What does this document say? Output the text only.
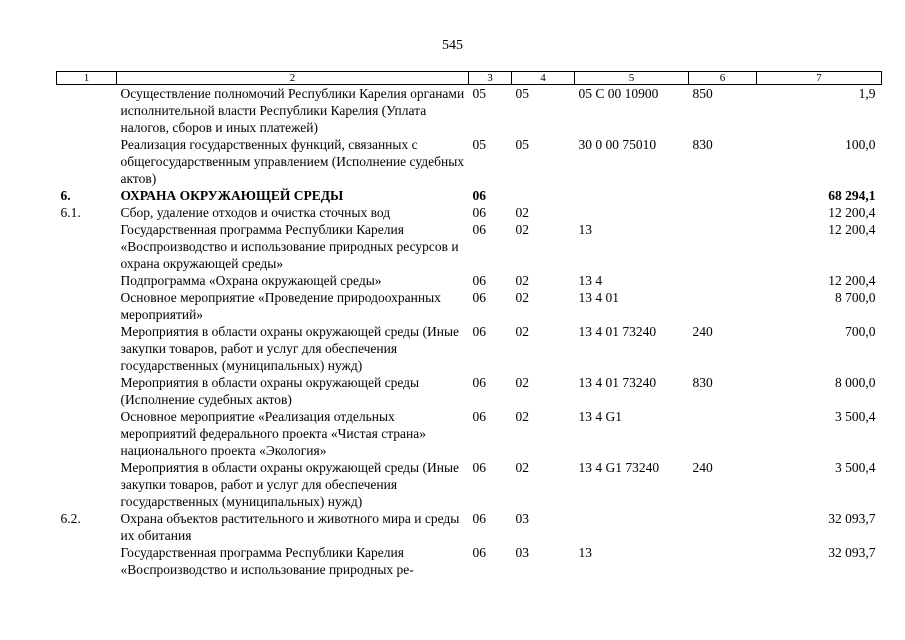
545
1	2	3	4	5	6	7
	Осуществление полномочий Республики Карелия органами исполнительной власти Республики Карелия (Уплата налогов, сборов и иных платежей)	05	05	05 С 00 10900	850	1,9
	Реализация государственных функций, связанных с общегосударственным управлением (Исполнение судебных актов)	05	05	30 0 00 75010	830	100,0
6.	ОХРАНА ОКРУЖАЮЩЕЙ СРЕДЫ	06				68 294,1
6.1.	Сбор, удаление отходов и очистка сточных вод	06	02			12 200,4
	Государственная программа Республики Карелия «Воспроизводство и использование природных ресурсов и охрана окружающей среды»	06	02	13		12 200,4
	Подпрограмма «Охрана окружающей среды»	06	02	13 4		12 200,4
	Основное мероприятие «Проведение природоохранных мероприятий»	06	02	13 4 01		8 700,0
	Мероприятия в области охраны окружающей среды (Иные закупки товаров, работ и услуг для обеспечения государственных (муниципальных) нужд)	06	02	13 4 01 73240	240	700,0
	Мероприятия в области охраны окружающей среды (Исполнение судебных актов)	06	02	13 4 01 73240	830	8 000,0
	Основное мероприятие «Реализация отдельных мероприятий федерального проекта «Чистая страна» национального проекта «Экология»	06	02	13 4 G1		3 500,4
	Мероприятия в области охраны окружающей среды (Иные закупки товаров, работ и услуг для обеспечения государственных (муниципальных) нужд)	06	02	13 4 G1 73240	240	3 500,4
6.2.	Охрана объектов растительного и животного мира и среды их обитания	06	03			32 093,7
	Государственная программа Республики Карелия «Воспроизводство и использование природных ре-	06	03	13		32 093,7
